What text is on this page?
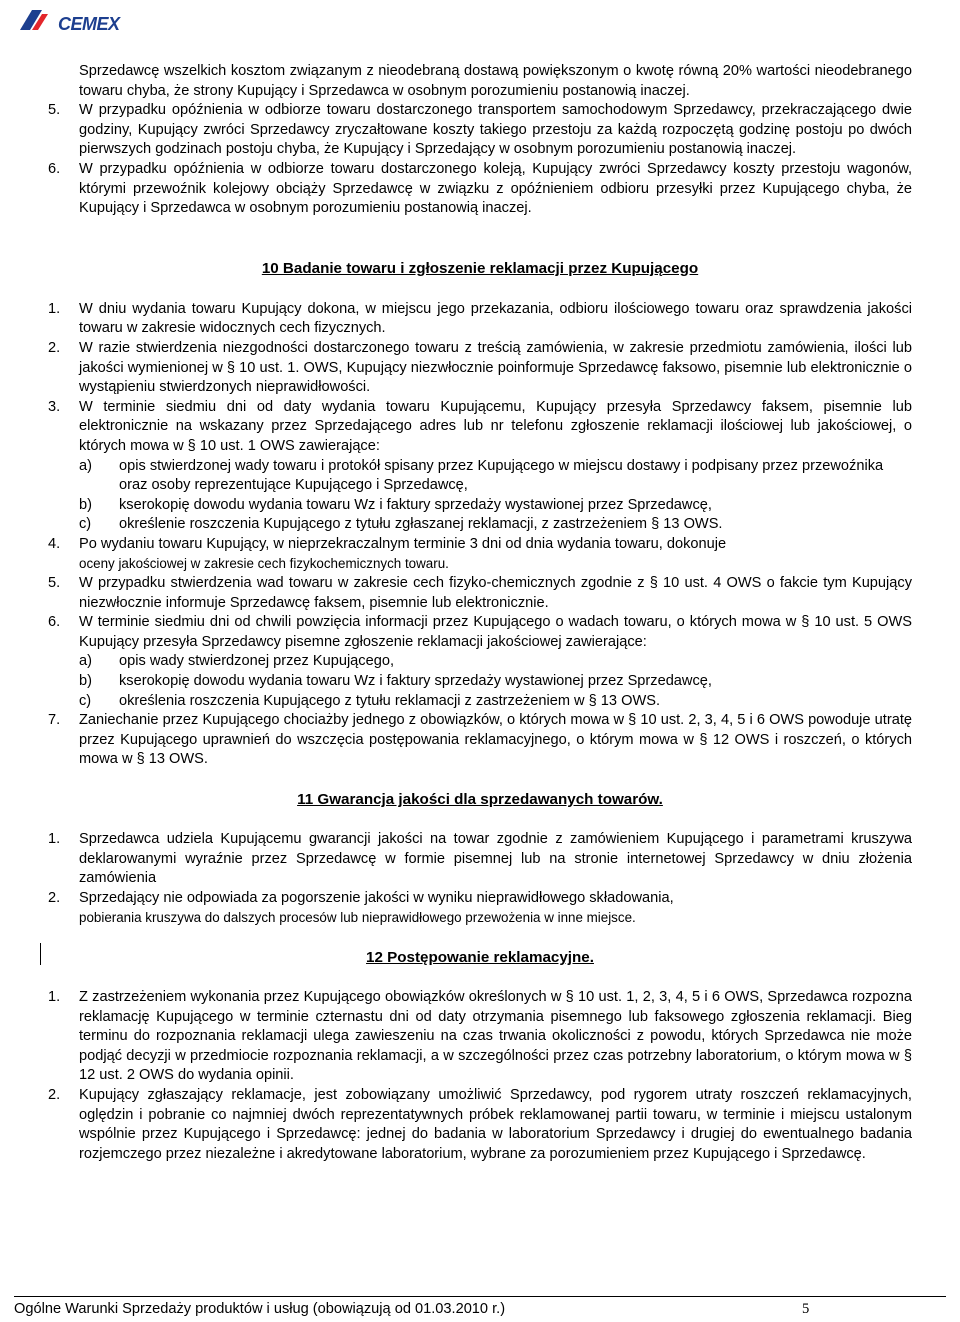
CEMEX

Sprzedawcę wszelkich kosztom związanym z nieodebraną dostawą powiększonym o kwotę równą 20% wartości nieodebranego towaru chyba, że strony Kupujący i Sprzedawca w osobnym porozumieniu postanowią inaczej.

5.	W przypadku opóźnienia w odbiorze towaru dostarczonego transportem samochodowym Sprzedawcy, przekraczającego dwie godziny, Kupujący zwróci Sprzedawcy zryczałtowane koszty takiego przestoju za każdą rozpoczętą godzinę postoju po dwóch pierwszych godzinach postoju chyba, że Kupujący i Sprzedający w osobnym porozumieniu postanowią inaczej.
6.	W przypadku opóźnienia w odbiorze towaru dostarczonego koleją, Kupujący zwróci Sprzedawcy koszty przestoju wagonów, którymi przewoźnik kolejowy obciąży Sprzedawcę w związku z opóźnieniem odbioru przesyłki przez Kupującego chyba, że Kupujący i Sprzedawca w osobnym porozumieniu postanowią inaczej.
10 Badanie towaru i zgłoszenie reklamacji przez Kupującego
1.	W dniu wydania towaru Kupujący dokona, w miejscu jego przekazania, odbioru ilościowego towaru oraz sprawdzenia jakości towaru w zakresie widocznych cech fizycznych.
2.	W razie stwierdzenia niezgodności dostarczonego towaru z treścią zamówienia, w zakresie przedmiotu zamówienia, ilości lub jakości wymienionej w § 10 ust. 1. OWS, Kupujący niezwłocznie poinformuje Sprzedawcę faksowo, pisemnie lub elektronicznie o wystąpieniu stwierdzonych nieprawidłowości.
3.	W terminie siedmiu dni od daty wydania towaru Kupującemu, Kupujący przesyła Sprzedawcy faksem, pisemnie lub elektronicznie na wskazany przez Sprzedającego adres lub nr telefonu zgłoszenie reklamacji ilościowej lub jakościowej, o których mowa w § 10 ust. 1 OWS zawierające:
a)	opis stwierdzonej wady towaru i protokół spisany przez Kupującego w miejscu dostawy i podpisany przez przewoźnika oraz osoby reprezentujące Kupującego i Sprzedawcę,
b)	kserokopię dowodu wydania towaru Wz i faktury sprzedaży wystawionej przez Sprzedawcę,
c)	określenie roszczenia Kupującego z tytułu zgłaszanej reklamacji, z zastrzeżeniem § 13 OWS.
4.	Po wydaniu towaru Kupujący, w nieprzekraczalnym terminie 3 dni od dnia wydania towaru, dokonuje
oceny jakościowej w zakresie cech fizykochemicznych towaru.
5.	W przypadku stwierdzenia wad towaru w zakresie cech fizyko-chemicznych zgodnie z § 10 ust. 4 OWS o fakcie tym Kupujący niezwłocznie informuje Sprzedawcę faksem, pisemnie lub elektronicznie.
6.	W terminie siedmiu dni od chwili powzięcia informacji przez Kupującego o wadach towaru, o których mowa w § 10 ust. 5 OWS Kupujący przesyła Sprzedawcy pisemne zgłoszenie reklamacji jakościowej zawierające:
a)	opis wady stwierdzonej przez Kupującego,
b)	kserokopię dowodu wydania towaru Wz i faktury sprzedaży wystawionej przez Sprzedawcę,
c)	określenia roszczenia Kupującego z tytułu reklamacji z zastrzeżeniem w § 13 OWS.
7.	Zaniechanie przez Kupującego chociażby jednego z obowiązków, o których mowa w § 10 ust. 2, 3, 4, 5 i 6 OWS powoduje utratę przez Kupującego uprawnień do wszczęcia postępowania reklamacyjnego, o którym mowa w § 12 OWS i roszczeń, o których mowa w § 13 OWS.
11 Gwarancja jakości dla sprzedawanych towarów.
1.	Sprzedawca udziela Kupującemu gwarancji jakości na towar zgodnie z zamówieniem Kupującego i parametrami kruszywa deklarowanymi wyraźnie przez Sprzedawcę w formie pisemnej lub na stronie internetowej Sprzedawcy w dniu złożenia zamówienia
2.	Sprzedający nie odpowiada za pogorszenie jakości w wyniku nieprawidłowego składowania,
pobierania kruszywa do dalszych procesów lub nieprawidłowego przewożenia w inne miejsce.
12 Postępowanie reklamacyjne.
1.	Z zastrzeżeniem wykonania przez Kupującego obowiązków określonych w § 10 ust. 1, 2, 3, 4, 5 i 6 OWS, Sprzedawca rozpozna reklamację Kupującego w terminie czternastu dni od daty otrzymania pisemnego lub faksowego zgłoszenia reklamacji. Bieg terminu do rozpoznania reklamacji ulega zawieszeniu na czas trwania okoliczności z powodu, których Sprzedawca nie może podjąć decyzji w przedmiocie rozpoznania reklamacji, a w szczególności przez czas potrzebny laboratorium, o którym mowa w § 12 ust. 2 OWS do wydania opinii.
2.	Kupujący zgłaszający reklamacje, jest zobowiązany umożliwić Sprzedawcy, pod rygorem utraty roszczeń reklamacyjnych, oględzin i pobranie co najmniej dwóch reprezentatywnych próbek reklamowanej partii towaru, w terminie i miejscu ustalonym wspólnie przez Kupującego i Sprzedawcę: jednej do badania w laboratorium Sprzedawcy i drugiej do ewentualnego badania rozjemczego przez niezależne i akredytowane laboratorium, wybrane za porozumieniem przez Kupującego i Sprzedawcę.
Ogólne Warunki Sprzedaży produktów i usług (obowiązują od 01.03.2010 r.)	5
